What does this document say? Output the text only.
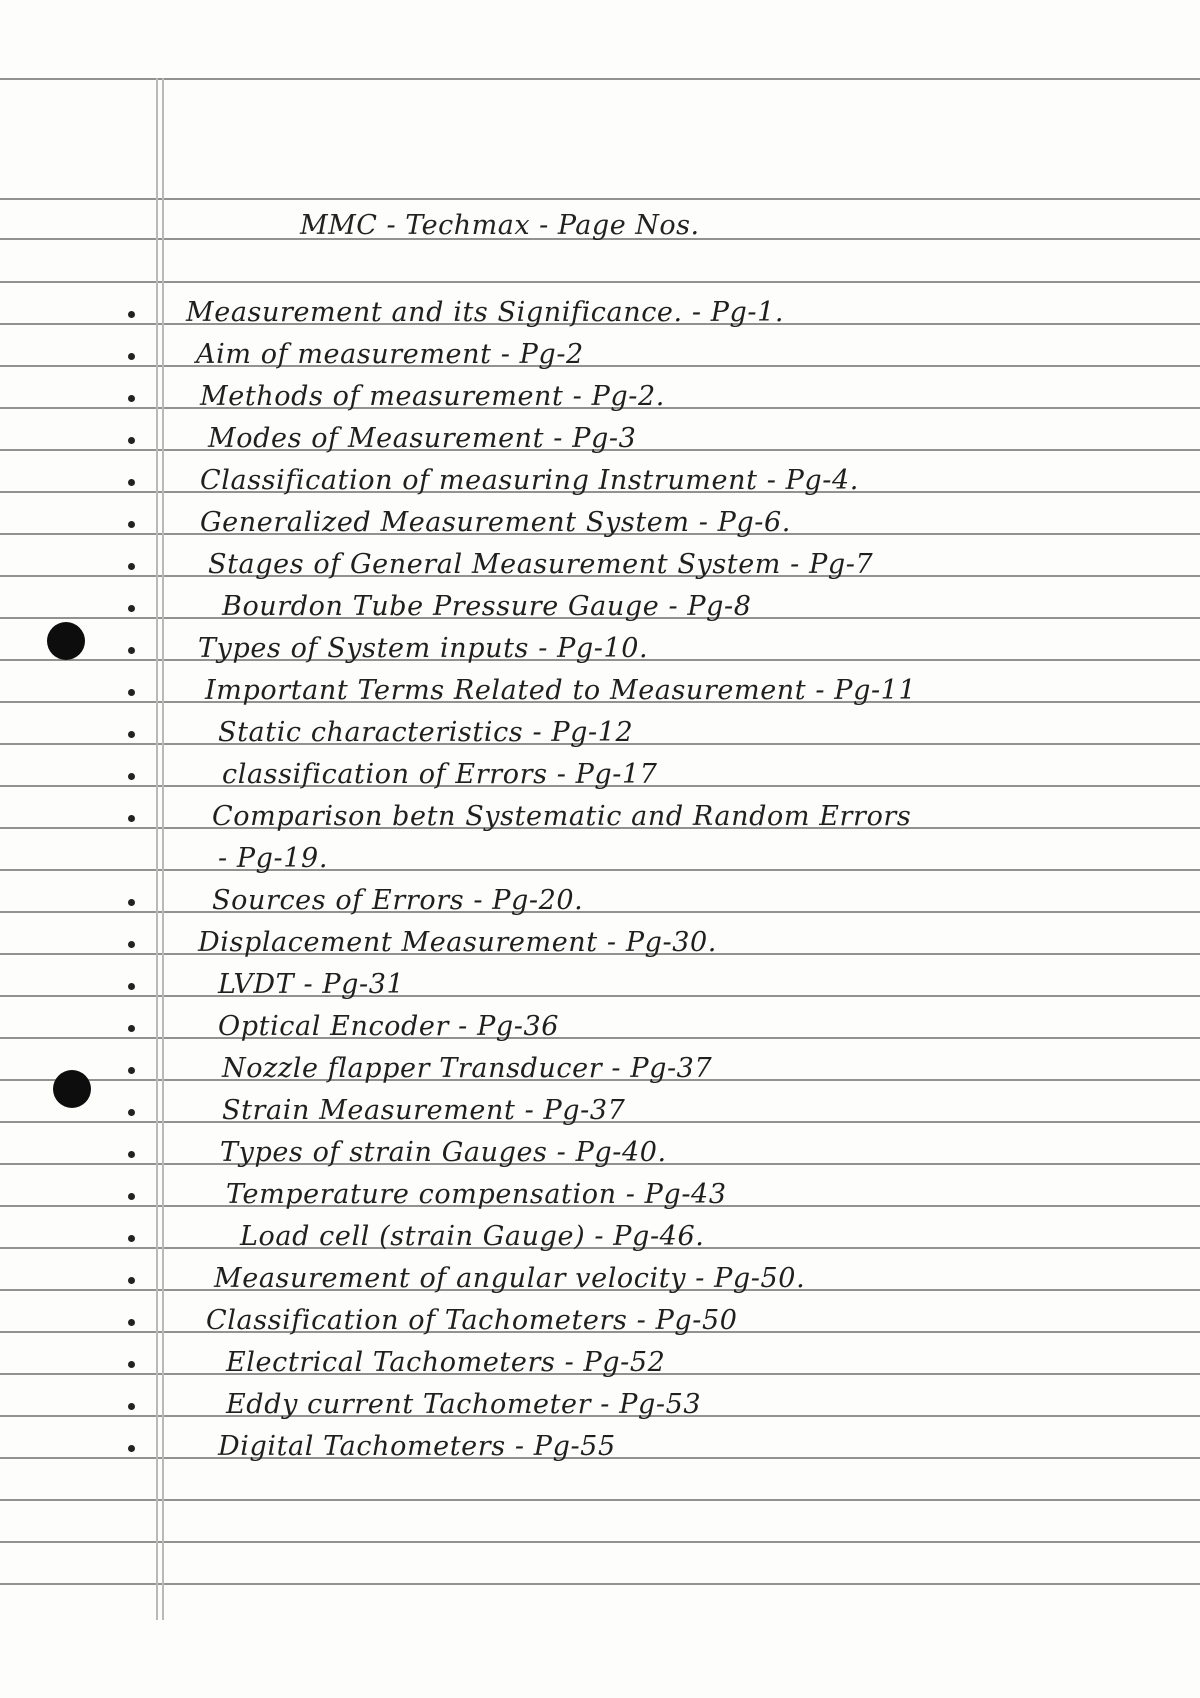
MMC - Techmax - Page Nos.
Measurement and its Significance. - Pg-1.
Aim of measurement - Pg-2
Methods of measurement - Pg-2.
Modes of Measurement - Pg-3
Classification of measuring Instrument - Pg-4.
Generalized Measurement System - Pg-6.
Stages of General Measurement System - Pg-7
Bourdon Tube Pressure Gauge - Pg-8
Types of System inputs - Pg-10.
Important Terms Related to Measurement - Pg-11
Static characteristics - Pg-12
classification of Errors - Pg-17
Comparison betn Systematic and Random Errors
- Pg-19.
Sources of Errors - Pg-20.
Displacement Measurement - Pg-30.
LVDT - Pg-31
Optical Encoder - Pg-36
Nozzle flapper Transducer - Pg-37
Strain Measurement - Pg-37
Types of strain Gauges - Pg-40.
Temperature compensation - Pg-43
Load cell (strain Gauge) - Pg-46.
Measurement of angular velocity - Pg-50.
Classification of Tachometers - Pg-50
Electrical Tachometers - Pg-52
Eddy current Tachometer - Pg-53
Digital Tachometers - Pg-55
